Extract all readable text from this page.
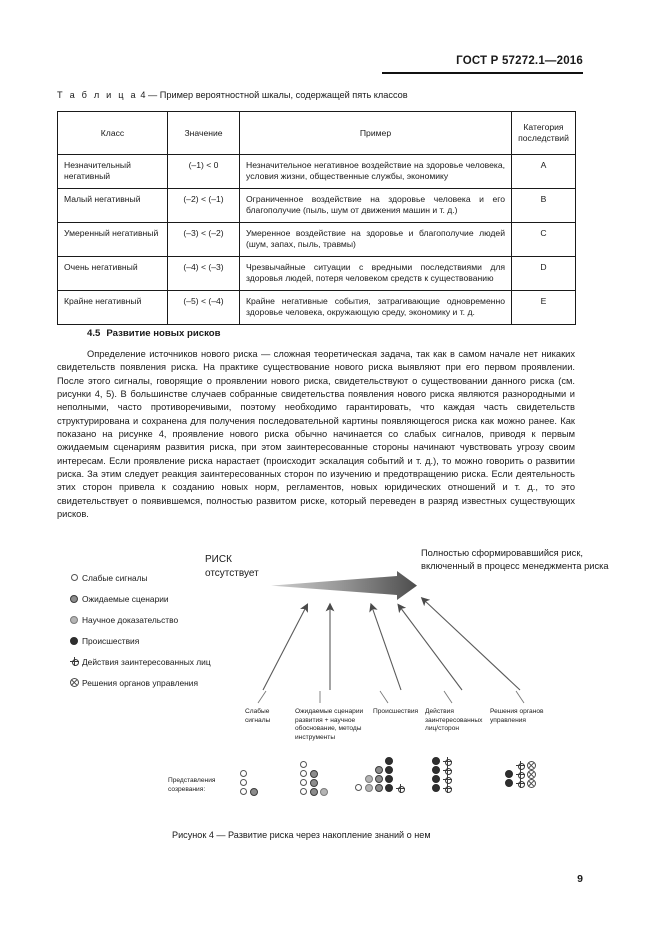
ГОСТ Р 57272.1—2016
Т а б л и ц а 4 — Пример вероятностной шкалы, содержащей пять классов
Класс	Значение	Пример	Категория последствий
Незначительный негативный	(–1) < 0	Незначительное негативное воздействие на здоровье человека, условия жизни, общественные службы, экономику	A
Малый негативный	(–2) < (–1)	Ограниченное воздействие на здоровье человека и его благополучие (пыль, шум от движения машин и т. д.)	B
Умеренный негативный	(–3) < (–2)	Умеренное воздействие на здоровье и благополучие людей (шум, запах, пыль, травмы)	C
Очень негативный	(–4) < (–3)	Чрезвычайные ситуации с вредными последствиями для здоровья людей, потеря человеком средств к существованию	D
Крайне негативный	(–5) < (–4)	Крайне негативные события, затрагивающие одновременно здоровье человека, окружающую среду, экономику и т. д.	E
4.5 Развитие новых рисков
Определение источников нового риска — сложная теоретическая задача, так как в самом начале нет никаких свидетельств появления риска. На практике существование нового риска выявляют при его первом проявлении. После этого сигналы, говорящие о проявлении нового риска, свидетельствуют о существовании данного риска (см. рисунки 4, 5). В большинстве случаев собранные свидетельства появления нового риска являются разнородными и неполными, часто противоречивыми, поэтому необходимо гарантировать, что каждая часть свидетельств структурирована и сохранена для получения последовательной картины появляющегося риска как можно ранее. Как показано на рисунке 4, проявление нового риска обычно начинается со слабых сигналов, приводя к первым ожидаемым сценариям развития риска, при этом заинтересованные стороны начинают чувствовать угрозу своим интересам. Если проявление риска нарастает (происходит эскалация событий и т. д.), то можно говорить о развитии риска. За этим следует реакция заинтересованных сторон по изучению и предотвращению риска. Если деятельность этих сторон привела к созданию новых норм, регламентов, новых юридических отношений и т. д., то это свидетельствует о появившемся, полностью развитом риске, который переведен в разряд известных существующих рисков.
Слабые сигналы
Ожидаемые сценарии
Научное доказательство
Происшествия
Действия заинтересованных лиц
Решения органов управления
РИСК
отсутствует
Полностью сформировавшийся риск, включенный в процесс менеджмента риска
Слабые сигналы
Ожидаемые сценарии развития + научное обоснование, методы инструменты
Происшествия Действия заинтересованных лиц/сторон
Решения органов управления
Представления созревания:
Рисунок 4 — Развитие риска через накопление знаний о нем
9
